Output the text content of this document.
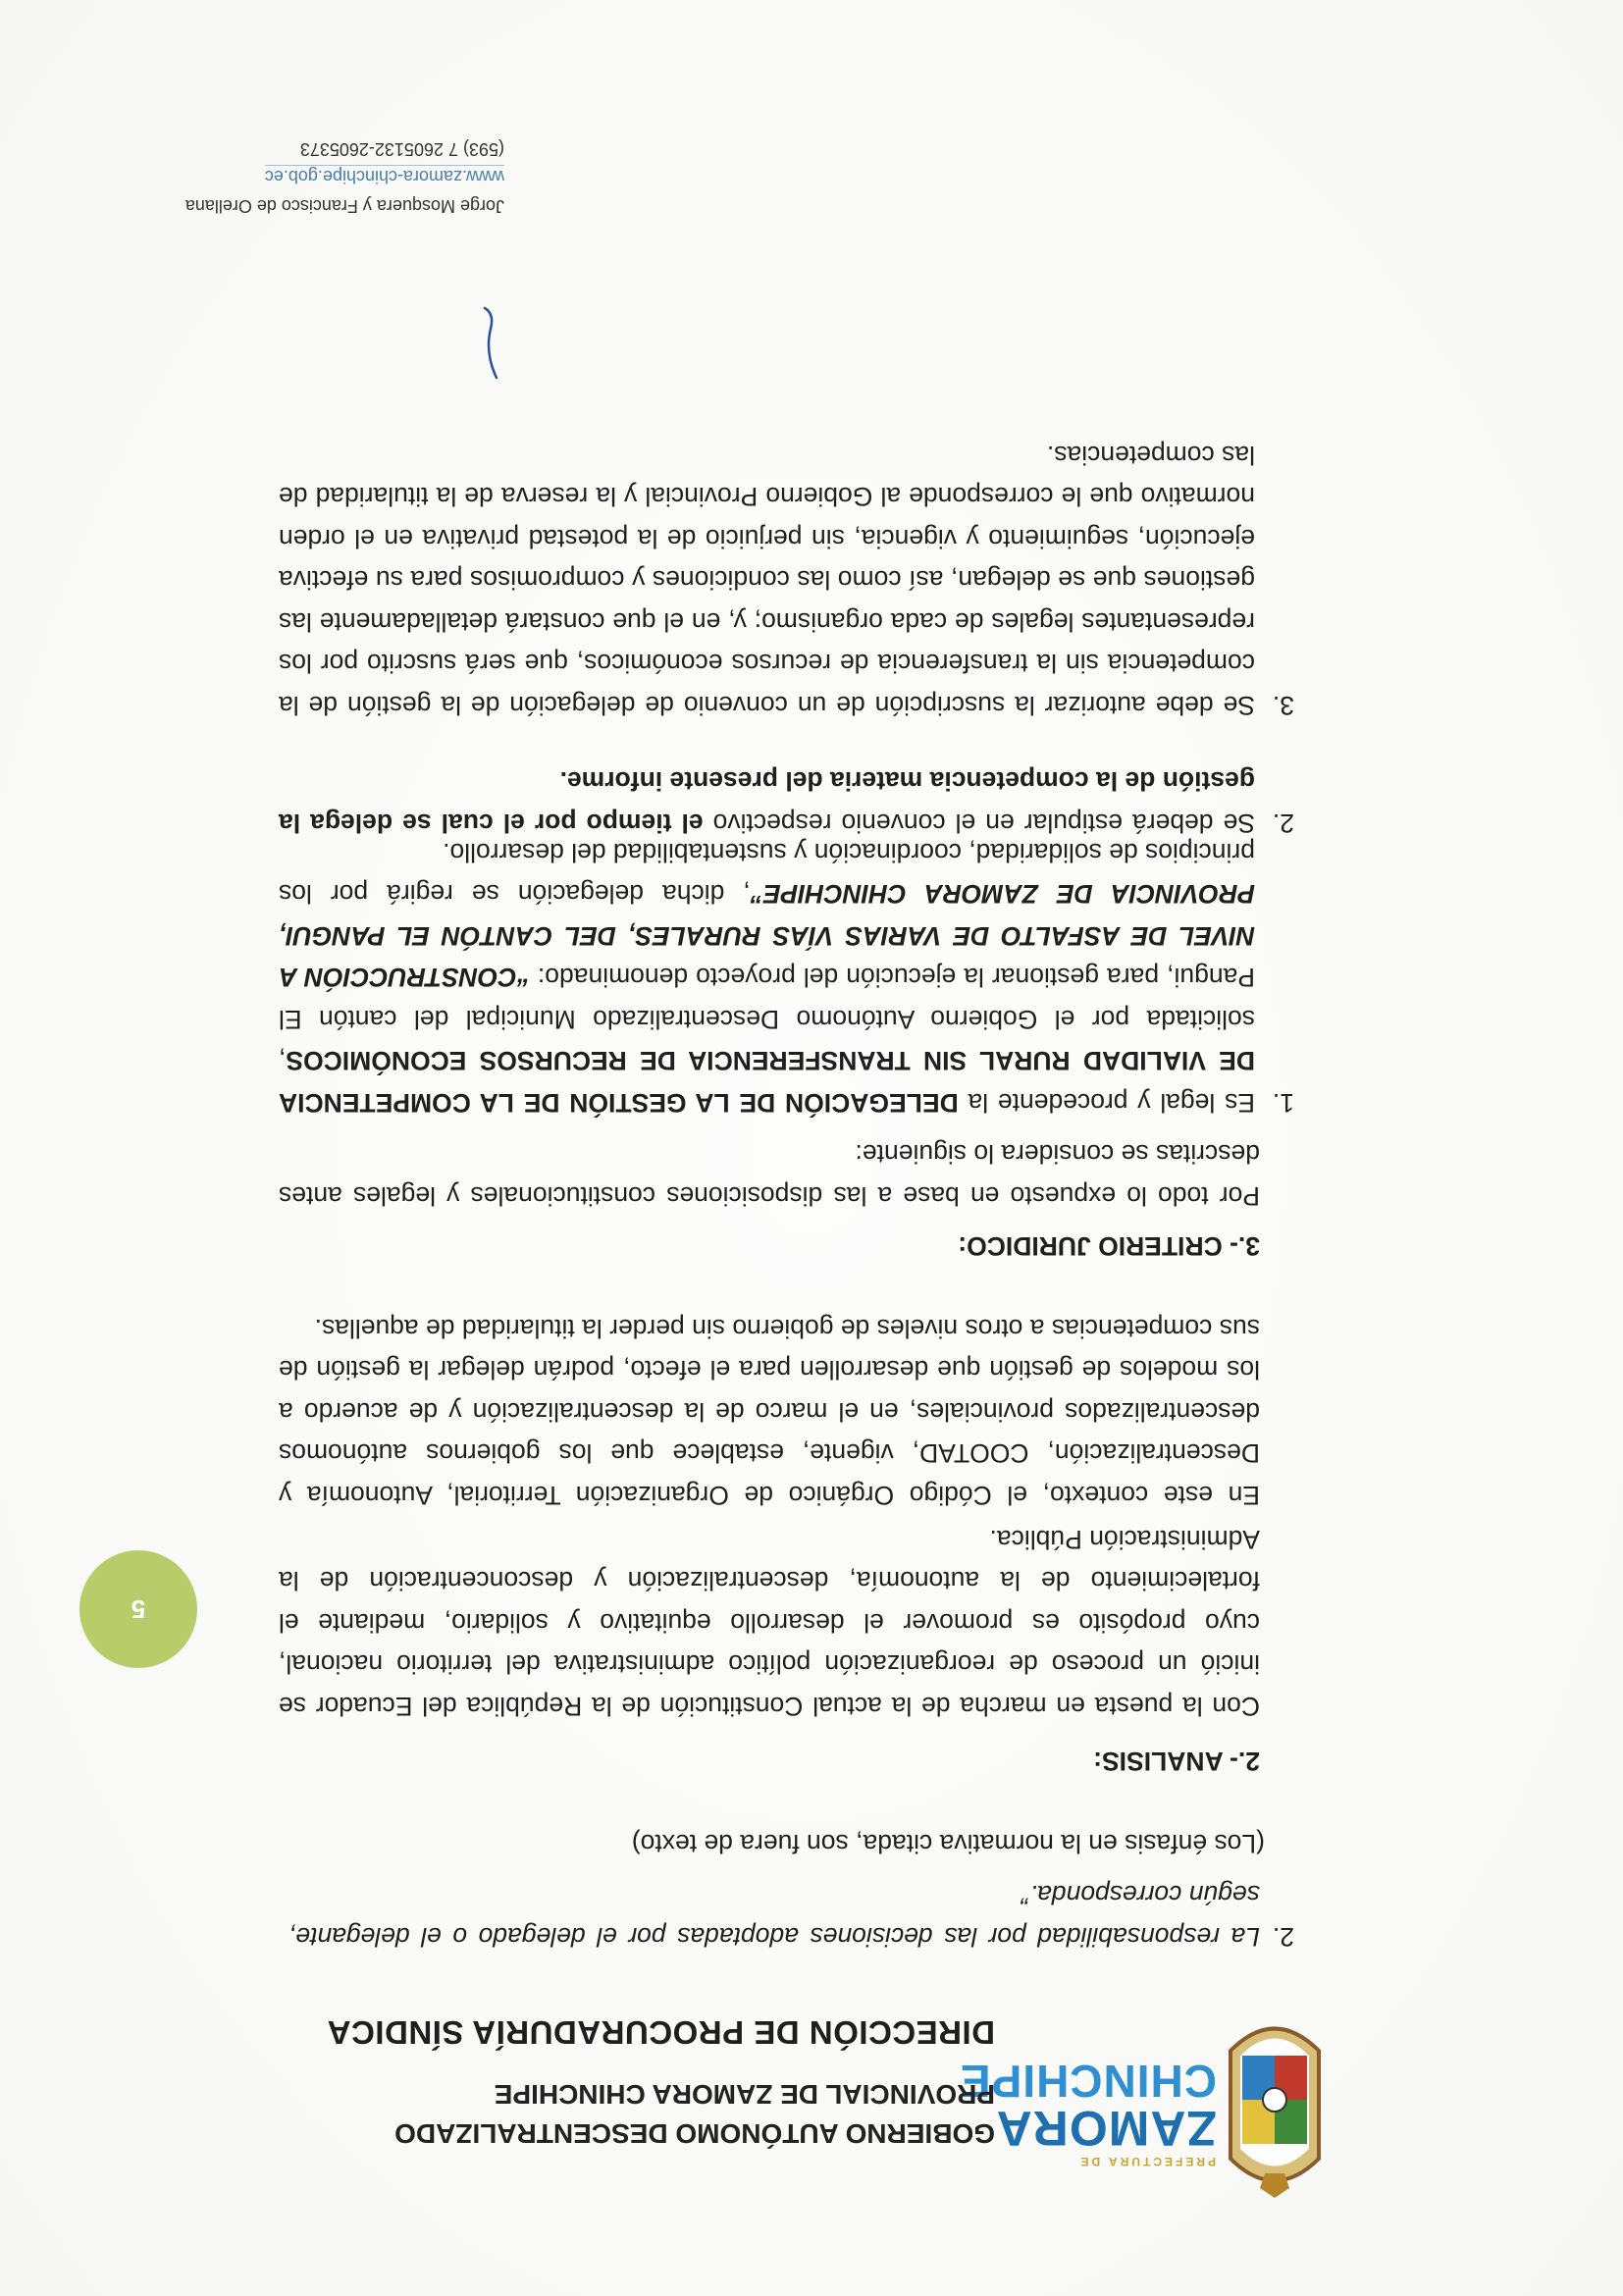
PREFECTURA DE
ZAMORA
CHINCHIPE
GOBIERNO AUTÓNOMO DESCENTRALIZADO
PROVINCIAL DE ZAMORA CHINCHIPE
DIRECCIÓN DE PROCURADURÍA SÍNDICA
2.
La responsabilidad por las decisiones adoptadas por el delegado o el delegante, según corresponda.”
(Los énfasis en la normativa citada, son fuera de texto)
2.- ANALISIS:
Con la puesta en marcha de la actual Constitución de la República del Ecuador se inició un proceso de reorganización político administrativa del territorio nacional, cuyo propósito es promover el desarrollo equitativo y solidario, mediante el fortalecimiento de la autonomía, descentralización y desconcentración de la Administración Pública.
En este contexto, el Código Orgánico de Organización Territorial, Autonomía y Descentralización, COOTAD, vigente, establece que los gobiernos autónomos descentralizados provinciales, en el marco de la descentralización y de acuerdo a los modelos de gestión que desarrollen para el efecto, podrán delegar la gestión de sus competencias a otros niveles de gobierno sin perder la titularidad de aquellas.
3.- CRITERIO JURIDICO:
Por todo lo expuesto en base a las disposiciones constitucionales y legales antes descritas se considera lo siguiente:
1.
Es legal y procedente la DELEGACIÓN DE LA GESTIÓN DE LA COMPETENCIA DE VIALIDAD RURAL SIN TRANSFERENCIA DE RECURSOS ECONÓMICOS, solicitada por el Gobierno Autónomo Descentralizado Municipal del cantón El Pangui, para gestionar la ejecución del proyecto denominado: “CONSTRUCCIÓN A NIVEL DE ASFALTO DE VARIAS VÍAS RURALES, DEL CANTÓN EL PANGUI, PROVINCIA DE ZAMORA CHINCHIPE”, dicha delegación se regirá por los principios de solidaridad, coordinación y sustentabilidad del desarrollo.
2.
Se deberá estipular en el convenio respectivo el tiempo por el cual se delega la gestión de la competencia materia del presente informe.
3.
Se debe autorizar la suscripción de un convenio de delegación de la gestión de la competencia sin la transferencia de recursos económicos, que será suscrito por los representantes legales de cada organismo; y, en el que constará detalladamente las gestiones que se delegan, así como las condiciones y compromisos para su efectiva ejecución, seguimiento y vigencia, sin perjuicio de la potestad privativa en el orden normativo que le corresponde al Gobierno Provincial y la reserva de la titularidad de las competencias.
Jorge Mosquera y Francisco de Orellana
www.zamora-chinchipe.gob.ec
(593) 7 2605132-2605373
5
